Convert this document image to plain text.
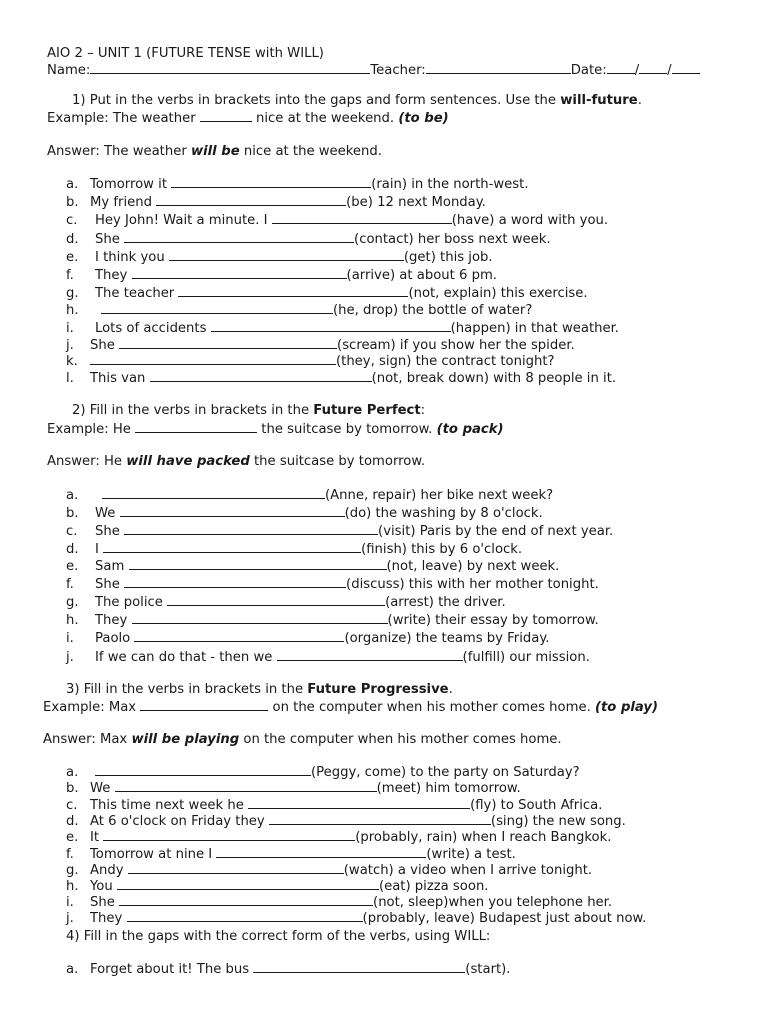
AIO 2 – UNIT 1 (FUTURE TENSE with WILL)
Name:	Teacher:	Date: / /
1) Put in the verbs in brackets into the gaps and form sentences. Use the will-future.
Example: The weather	nice at the weekend. (to be)
Answer: The weather will be nice at the weekend.
a. Tomorrow it	(rain) in the north-west.
b. My friend	(be) 12 next Monday.
c. Hey John! Wait a minute. I	(have) a word with you.
d. She	(contact) her boss next week.
e. I think you	(get) this job.
f. They	(arrive) at about 6 pm.
g. The teacher	(not, explain) this exercise.
h.	(he, drop) the bottle of water?
i. Lots of accidents	(happen) in that weather.
j. She	(scream) if you show her the spider.
k.	(they, sign) the contract tonight?
l. This van	(not, break down) with 8 people in it.
2) Fill in the verbs in brackets in the Future Perfect:
Example: He	the suitcase by tomorrow. (to pack)
Answer: He will have packed the suitcase by tomorrow.
a.	(Anne, repair) her bike next week?
b. We	(do) the washing by 8 o'clock.
c. She	(visit) Paris by the end of next year.
d. I	(finish) this by 6 o'clock.
e. Sam	(not, leave) by next week.
f. She	(discuss) this with her mother tonight.
g. The police	(arrest) the driver.
h. They	(write) their essay by tomorrow.
i. Paolo	(organize) the teams by Friday.
j. If we can do that - then we	(fulfill) our mission.
3) Fill in the verbs in brackets in the Future Progressive.
Example: Max	on the computer when his mother comes home. (to play)
Answer: Max will be playing on the computer when his mother comes home.
a.	(Peggy, come) to the party on Saturday?
b. We	(meet) him tomorrow.
c. This time next week he	(fly) to South Africa.
d. At 6 o'clock on Friday they	(sing) the new song.
e. It	(probably, rain) when I reach Bangkok.
f. Tomorrow at nine I	(write) a test.
g. Andy	(watch) a video when I arrive tonight.
h. You	(eat) pizza soon.
i. She	(not, sleep)when you telephone her.
j. They	(probably, leave) Budapest just about now.
4) Fill in the gaps with the correct form of the verbs, using WILL:
a. Forget about it! The bus	(start).
